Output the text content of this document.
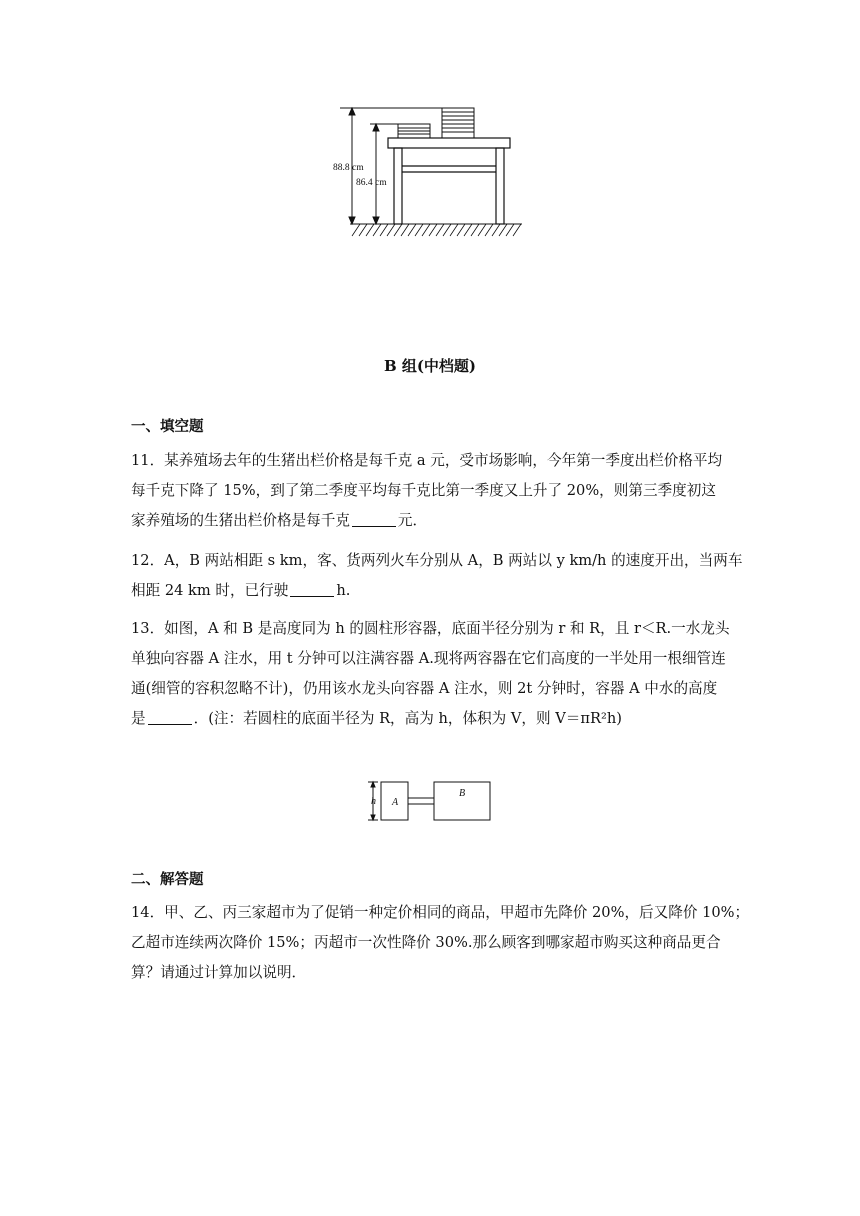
88.8 cm
86.4 cm
B 组(中档题)
一、填空题
11．某养殖场去年的生猪出栏价格是每千克 a 元，受市场影响，今年第一季度出栏价格平均
每千克下降了 15%，到了第二季度平均每千克比第一季度又上升了 20%，则第三季度初这
家养殖场的生猪出栏价格是每千克	元．
12．A，B 两站相距 s km，客、货两列火车分别从 A，B 两站以 y km/h 的速度开出，当两车
相距 24 km 时，已行驶	h.
13．如图，A 和 B 是高度同为 h 的圆柱形容器，底面半径分别为 r 和 R，且 r＜R.一水龙头
单独向容器 A 注水，用 t 分钟可以注满容器 A.现将两容器在它们高度的一半处用一根细管连
通(细管的容积忽略不计)，仍用该水龙头向容器 A 注水，则 2t 分钟时，容器 A 中水的高度
是	．(注：若圆柱的底面半径为 R，高为 h，体积为 V，则 V＝πR²h)
h A
B
二、解答题
14．甲、乙、丙三家超市为了促销一种定价相同的商品，甲超市先降价 20%，后又降价 10%；
乙超市连续两次降价 15%；丙超市一次性降价 30%.那么顾客到哪家超市购买这种商品更合
算？请通过计算加以说明．
